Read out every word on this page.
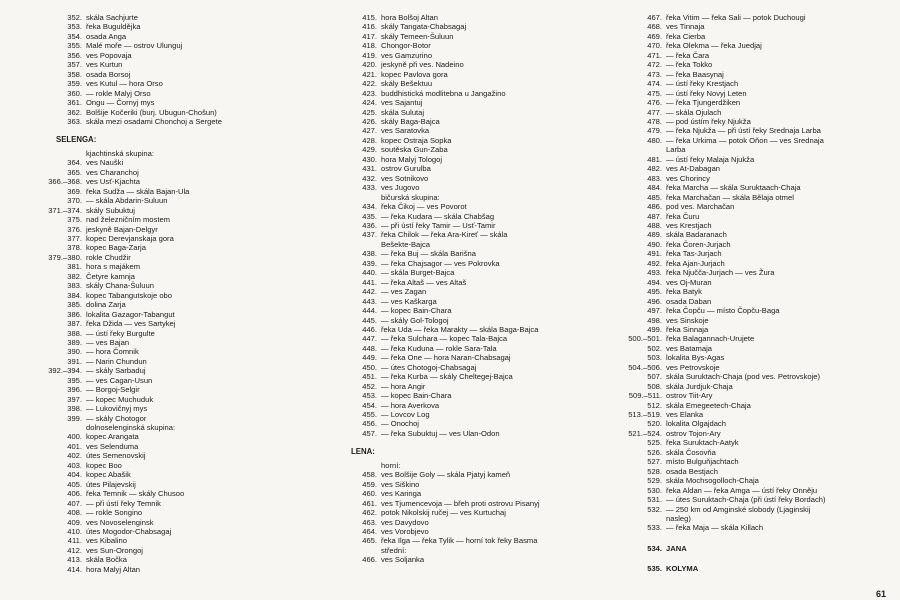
352. skála Sachjurte
353. řeka Buguldějka
354. osada Anga
355. Malé moře — ostrov Ulunguj
356. ves Popovaja
357. ves Kurtun
358. osada Borsoj
359. ves Kutul — hora Orso
360. — rokle Malyj Orso
361. Ongu — Čornyj mys
362. Bolšije Kočeriki (burj. Ubugun-Chošun)
363. skála mezi osadami Chonchoj a Sergete
SELENGA:
kjachtinská skupina:
364. ves Nauški
365. ves Charanchoj
366.–368. ves Usť-Kjachta
369. řeka Sudža — skála Bajan-Ula
370. — skála Abdarin-Suluun
371.–374. skály Subuktuj
375. nad železničním mostem
376. jeskyně Bajan-Delgyr
377. kopec Derevjanskaja gora
378. kopec Baga-Zarja
379.–380. rokle Chudžir
381. hora s majákem
382. Četyre kamnja
383. skály Chana-Šuluun
384. kopec Tabangutskoje obo
385. dolina Zarja
386. lokalita Gazagor-Tabangut
387. řeka Džida — ves Sartykej
388. — ústí řeky Burgulte
389. — ves Bajan
390. — hora Čomnik
391. — Narin Chundun
392.–394. — skály Sarbaduj
395. — ves Cagan-Usun
396. — Borgoj-Selgir
397. — kopec Muchuduk
398. — Lukovičnyj mys
399. — skály Chotogor
dolnoselenginská skupina:
400. kopec Arangata
401. ves Selenduma
402. útes Semenovskij
403. kopec Boo
404. kopec Abašik
405. útes Pilajevskij
406. řeka Temnik — skály Chusoo
407. — při ústí řeky Temnik
408. — rokle Songino
409. ves Novoselenginsk
410. útes Mogodor-Chabsagaj
411. ves Kibalino
412. ves Sun-Orongoj
413. skála Bočka
414. hora Malyj Altan
415. hora Bolšoj Altan
416. skály Tangata-Chabsagaj
417. skály Temeen-Šuluun
418. Chongor-Botor
419. ves Gamzurino
420. jeskyně při ves. Nadeino
421. kopec Pavlova gora
422. skály Bešektuu
423. buddhistická modlitebna u Jangažino
424. ves Sajantuj
425. skála Sulutaj
426. skály Baga-Bajca
427. ves Saratovka
428. kopec Ostraja Sopka
429. soutěska Gun-Zaba
430. hora Malyj Tologoj
431. ostrov Gurulba
432. ves Sotnikovo
433. ves Jugovo
bičurská skupina:
434. řeka Čikoj — ves Povorot
435. — řeka Kudara — skála Chabšag
436. — při ústí řeky Tamir — Usť-Tamir
437. řeka Chilok — řeka Ara-Kireť — skála
Bešekte-Bajca
438. — řeka Buj — skála Barišna
439. — řeka Chajsagor — ves Pokrovka
440. — skála Burget-Bajca
441. — řeka Altaš — ves Altaš
442. — ves Zagan
443. — ves Kaškarga
444. — kopec Bain-Chara
445. — skály Gol-Tologoj
446. řeka Uda — řeka Marakty — skála Baga-Bajca
447. — řeka Sulchara — kopec Tala-Bajca
448. — řeka Kuduna — rokle Sara-Tala
449. — řeka One — hora Naran-Chabsagaj
450. — útes Chotogoj-Chabsagaj
451. — řeka Kurba — skály Cheltegej-Bajca
452. — hora Angir
453. — kopec Bain-Chara
454. — hora Averkova
455. — Lovcov Log
456. — Onochoj
457. — řeka Subuktuj — ves Ulan-Odon
LENA:
horní:
458. ves Bolšije Goly — skála Pjatyj kameň
459. ves Siškino
460. ves Karinga
461. ves Tjumencevoja — břeh proti ostrovu Pisanyj
462. potok Nikolskij ručej — ves Kurtuchaj
463. ves Davydovo
464. ves Vorobjevo
465. řeka Ilga — řeka Tylik — horní tok řeky Basma
střední:
466. ves Soljanka
467. řeka Vitim — řeka Sali — potok Duchougi
468. ves Tinnaja
469. řeka Cierba
470. řeka Olekma — řeka Juedjaj
471. — řeka Čara
472. — řeka Tokko
473. — řeka Baasynaj
474. — ústí řeky Krestjach
475. — ústí řeky Novyj Leten
476. — řeka Tjungerdžiken
477. — skála Ojulach
478. — pod ústím řeky Njukža
479. — řeka Njukža — při ústí řeky Srednaja Larba
480. — řeka Urkima — potok Oňon — ves Srednaja
Larba
481. — ústí řeky Malaja Njukža
482. ves At-Dabagan
483. ves Chorincy
484. řeka Marcha — skála Suruktaach-Chaja
485. řeka Marchačan — skála Bělaja otmel
486. pod ves. Marchačan
487. řeka Čuru
488. ves Krestjach
489. skála Badaranach
490. řeka Čoren-Jurjach
491. řeka Tas-Jurjach
492. řeka Ajan-Jurjach
493. řeka Njučča-Jurjach — ves Žura
494. ves Oj-Muran
495. řeka Batyk
496. osada Daban
497. řeka Čopču — místo Čopču-Baga
498. ves Sinskoje
499. řeka Sinnaja
500.–501. řeka Balagannach-Urujete
502. ves Batamaja
503. lokalita Bys-Agas
504.–506. ves Petrovskoje
507. skála Suruktach-Chaja (pod ves. Petrovskoje)
508. skála Jurdjuk-Chaja
509.–511. ostrov Tiit-Ary
512. skála Emegeetech-Chaja
513.–519. ves Elanka
520. lokalita Olgajdach
521.–524. ostrov Tojon-Ary
525. řeka Suruktach-Aatyk
526. skála Čosovňa
527. místo Bulguňjachtach
528. osada Bestjach
529. skála Mochsogolloch-Chaja
530. řeka Aldan — řeka Amga — ústí řeky Onněju
531. — útes Suruktach-Chaja (při ústí řeky Bordach)
532. — 250 km od Amginské slobody (Ljaginskij
nasleg)
533. — řeka Maja — skála Killach
534. JANA
535. KOLYMA
61
